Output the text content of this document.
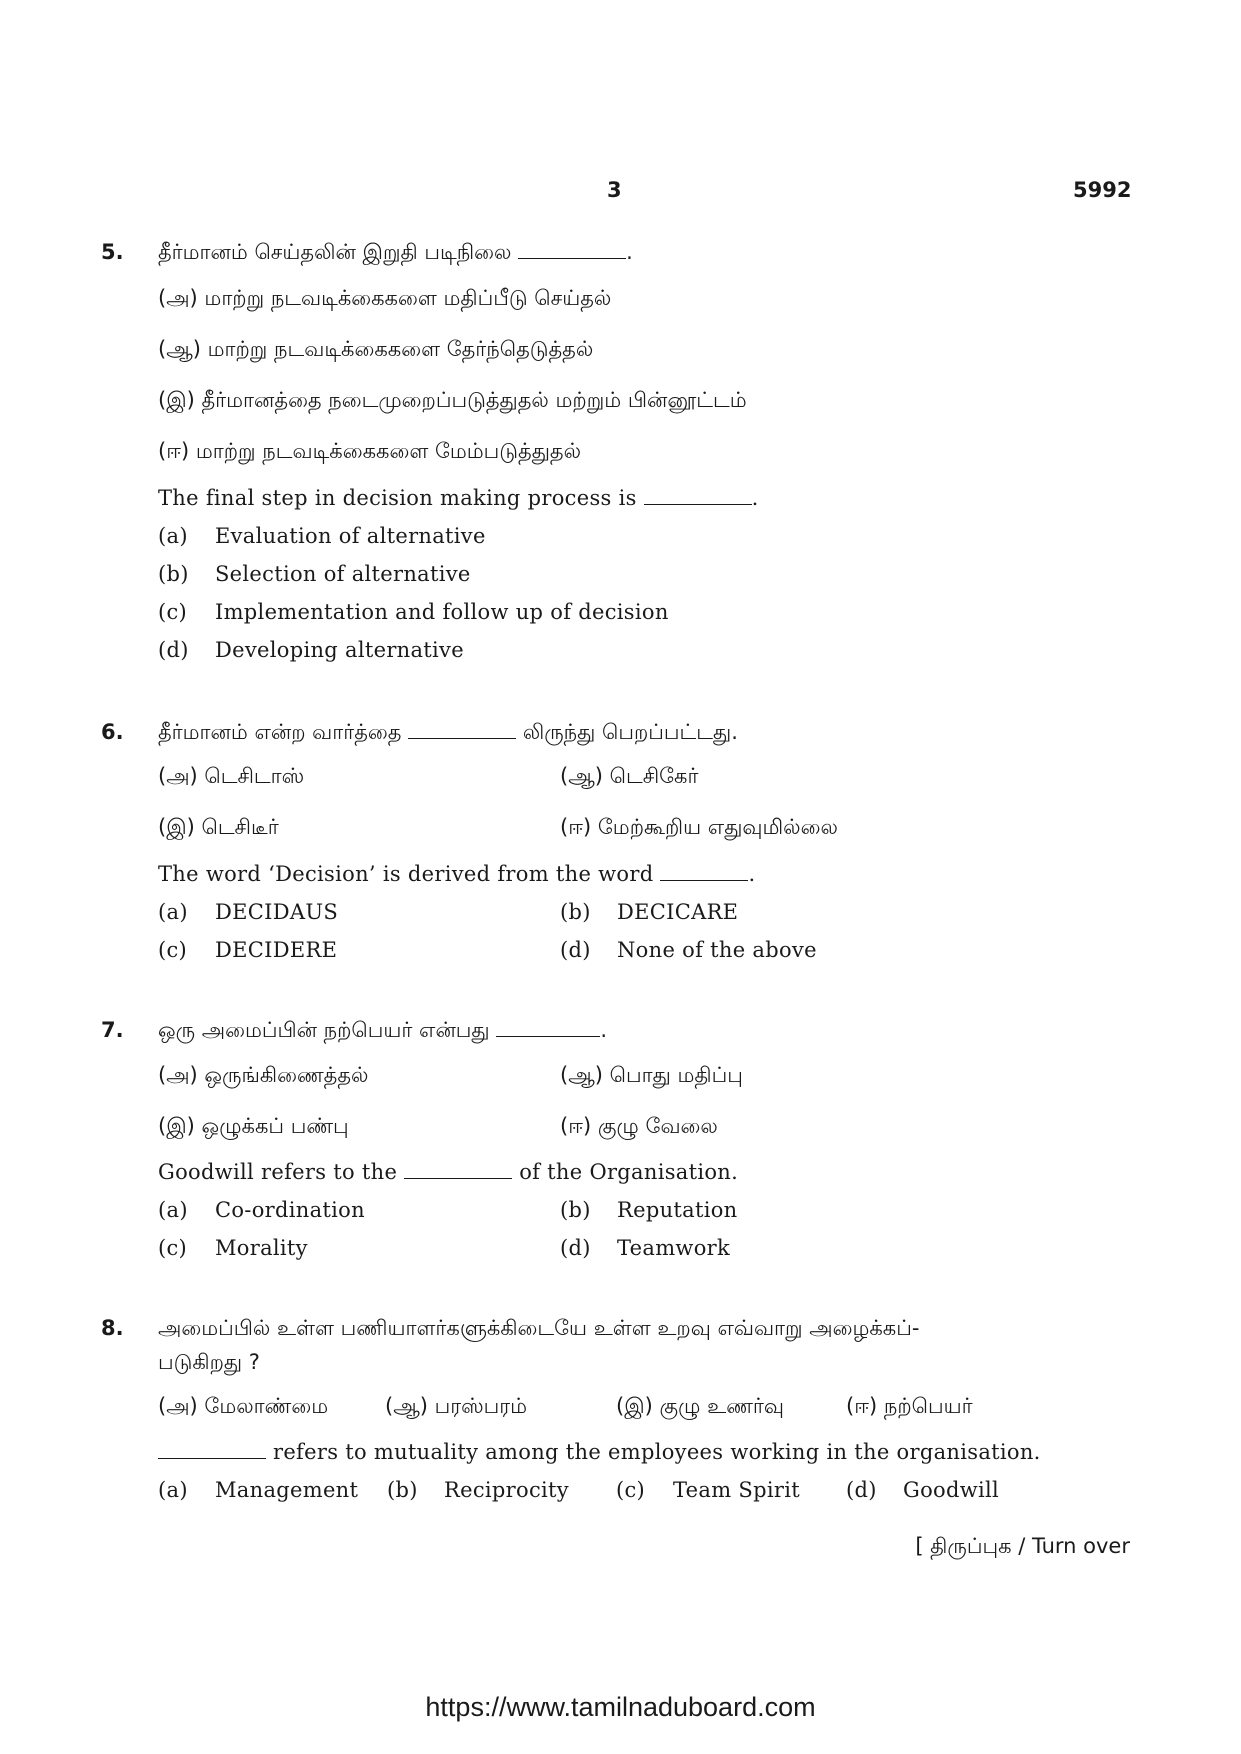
3	5992
5. தீர்மானம் செய்தலின் இறுதி படிநிலை	.
(அ) மாற்று நடவடிக்கைகளை மதிப்பீடு செய்தல்
(ஆ) மாற்று நடவடிக்கைகளை தேர்ந்தெடுத்தல்
(இ) தீர்மானத்தை நடைமுறைப்படுத்துதல் மற்றும் பின்னூட்டம்
(ஈ) மாற்று நடவடிக்கைகளை மேம்படுத்துதல்
The final step in decision making process is	.
(a) Evaluation of alternative
(b) Selection of alternative
(c) Implementation and follow up of decision
(d) Developing alternative
6. தீர்மானம் என்ற வார்த்தை	லிருந்து பெறப்பட்டது.
(அ) டெசிடாஸ்	(ஆ) டெசிகேர்
(இ) டெசிடீர்	(ஈ) மேற்கூறிய எதுவுமில்லை
The word ‘Decision’ is derived from the word	.
(a) DECIDAUS	(b) DECICARE
(c) DECIDERE	(d) None of the above
7. ஒரு அமைப்பின் நற்பெயர் என்பது	.
(அ) ஒருங்கிணைத்தல்	(ஆ) பொது மதிப்பு
(இ) ஒழுக்கப் பண்பு	(ஈ) குழு வேலை
Goodwill refers to the	of the Organisation.
(a) Co-ordination	(b) Reputation
(c) Morality	(d) Teamwork
8. அமைப்பில் உள்ள பணியாளர்களுக்கிடையே உள்ள உறவு எவ்வாறு அழைக்கப்-
படுகிறது ?
(அ) மேலாண்மை	(ஆ) பரஸ்பரம்	(இ) குழு உணர்வு	(ஈ) நற்பெயர்
refers to mutuality among the employees working in the organisation.
(a) Management (b) Reciprocity (c) Team Spirit (d) Goodwill
[ திருப்புக / Turn over
https://www.tamilnaduboard.com
